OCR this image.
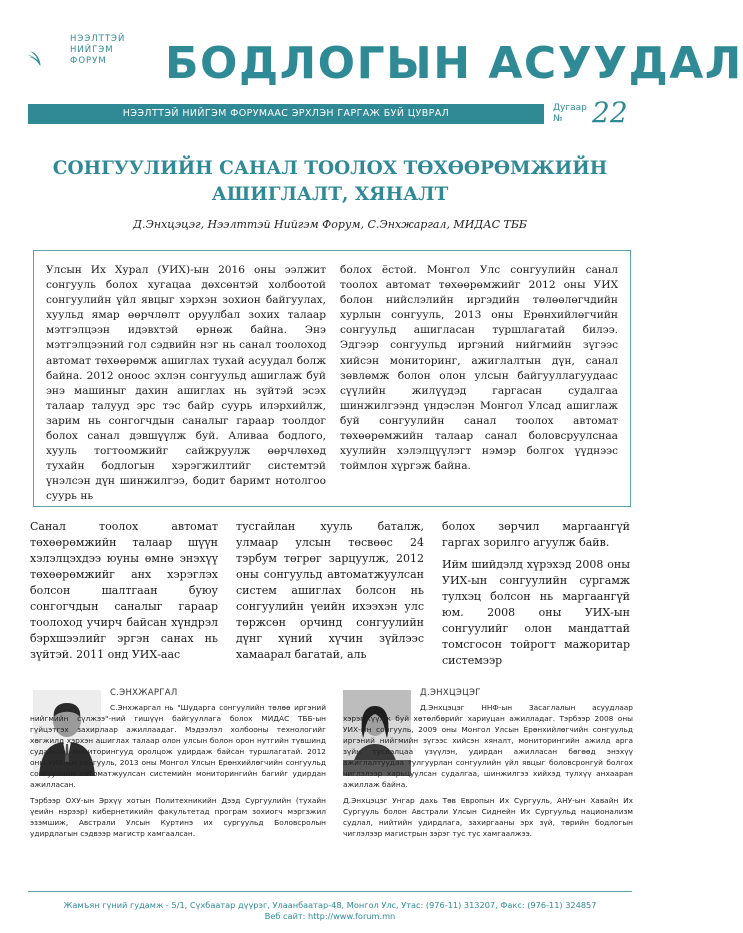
НЭЭЛТТЭЙ
НИЙГЭМ
ФОРУМ	БОДЛОГЫН АСУУДАЛ
НЭЭЛТТЭЙ НИЙГЭМ ФОРУМААС ЭРХЛЭН ГАРГАЖ БУЙ ЦУВРАЛ	Дугаар
№	22
СОНГУУЛИЙН САНАЛ ТООЛОХ ТӨХӨӨРӨМЖИЙН
АШИГЛАЛТ, ХЯНАЛТ
Д.Энхцэцэг, Нээлттэй Нийгэм Форум, С.Энхжаргал, МИДАС ТББ

Улсын Их Хурал (УИХ)-ын 2016 оны ээлжит сонгууль болох хугацаа дөхсөнтэй холбоотой сонгуулийн үйл явцыг хэрхэн зохион байгуулах, хуульд ямар өөрчлөлт оруулбал зохих талаар мэтгэлцээн идэвхтэй өрнөж байна. Энэ мэтгэлцээний гол сэдвийн нэг нь санал тоолоход автомат төхөөрөмж ашиглах тухай асуудал болж байна. 2012 оноос эхлэн сонгуульд ашиглаж буй энэ машиныг дахин ашиглах нь зүйтэй эсэх талаар талууд эрс тэс байр суурь илэрхийлж, зарим нь сонгогчдын саналыг гараар тоолдог болох санал дэвшүүлж буй. Аливаа бодлого, хууль тогтоомжийг сайжруулж өөрчлөхөд тухайн бодлогын хэрэгжилтийг системтэй үнэлсэн дүн шинжилгээ, бодит баримт нотолгоо суурь нь

болох ёстой. Монгол Улс сонгуулийн санал тоолох автомат төхөөрөмжийг 2012 оны УИХ болон нийслэлийн иргэдийн төлөөлөгчдийн хурлын сонгууль, 2013 оны Ерөнхийлөгчийн сонгуульд ашигласан туршлагатай билээ. Эдгээр сонгуульд иргэний нийгмийн зүгээс хийсэн мониторинг, ажиглалтын дүн, санал зөвлөмж болон олон улсын байгууллагуудаас сүүлийн жилүүдэд гаргасан судалгаа шинжилгээнд үндэслэн Монгол Улсад ашиглаж буй сонгуулийн санал тоолох автомат төхөөрөмжийн талаар санал боловсруулснаа хуулийн хэлэлцүүлэгт нэмэр болгох үүднээс тоймлон хүргэж байна.

Санал тоолох автомат төхөөрөмжийн талаар шүүн хэлэлцэхдээ юуны өмнө энэхүү төхөөрөмжийг анх хэрэглэх болсон шалтгаан буюу сонгогчдын саналыг гараар тоолоход учирч байсан хүндрэл бэрхшээлийг эргэн санах нь зүйтэй. 2011 онд УИХ-аас

тусгайлан хууль баталж, улмаар улсын төсвөөс 24 тэрбум төгрөг зарцуулж, 2012 оны сонгуульд автоматжуулсан систем ашиглах болсон нь сонгуулийн үеийн ихээхэн улс төржсөн орчинд сонгуулийн дүнг хүний хүчин зүйлээс хамаарал багатай, аль

болох зөрчил маргаангүй гаргах зорилго агуулж байв.

Ийм шийдэлд хүрэхэд 2008 оны УИХ-ын сонгуулийн сургамж тулхэц болсон нь маргаангүй юм. 2008 оны УИХ-ын сонгуулийг олон мандаттай томсгосон тойрогт мажоритар системээр

С.ЭНХЖАРГАЛ

С.Энхжаргал нь "Шударга сонгуулийн төлөө иргэний нийгмийн сүлжээ"-ний гишүүн байгууллага болох МИДАС ТББ-ын гүйцэтгэх захирлаар ажиллаадаг. Мэдээлэл холбооны технологийг хөгжилд хэрхэн ашиглах талаар олон улсын болон орон нутгийн түвшинд судалгаа, мониторингууд оролцож удирдаж байсан туршлагатай. 2012 оны УИХ-ын сонгууль, 2013 оны Монгол Улсын Ерөнхийлөгчийн сонгуульд сонгуулийн автоматжуулсан системийн мониторингийн багийг удирдан ажиллаcан.

Тэрбээр ОХУ-ын Эрхүү хотын Политехникийн Дээд Сургуулийн (тухайн үеийн нэрээр) кибернетикийн факультетад програм зохиогч мэргэжил эзэмшиж, Австрали Улсын Куртинэ их сургуульд Боловсролын удирдлагын сэдвээр магистр хамгаалсан.

Д.ЭНХЦЭЦЭГ

Д.Энхцэцэг ННФ-ын Засаглалын асуудлаар хэрэгжүүлж буй хөтөлбөрийг хариуцан ажилладаг. Тэрбээр 2008 оны УИХ-ын сонгууль, 2009 оны Монгол Улсын Ерөнхийлөгчийн сонгуульд иргэний нийгмийн зүгээс хийсэн хяналт, мониторингийн ажилд арга зүйн туслалцаа үзүүлэн, удирдан ажилласан бөгөөд энэхүү ажиглалтуудаа тулгуурлан сонгуулийн үйл явцыг боловсронгуй болгох чиглэлээр харьцуулсан судалгаа, шинжилгээ хийхэд тулхүү анхааран ажиллаж байна.

Д.Энхцэцэг Унгар дахь Төв Европын Их Сургууль, АНУ-ын Хавайн Их Сургууль болон Австрали Улсын Сиднейн Их Сургуульд национализм судлал, нийтийн удирдлага, захиргааны эрх зүй, төрийн бодлогын чиглэлээр магистрын зэрэг тус тус хамгаалжээ.

Жамъян гүний гудамж - 5/1, Сүхбаатар дүүрэг, Улаанбаатар-48, Монгол Улс, Утас: (976-11) 313207, Факс: (976-11) 324857
Веб сайт: http://www.forum.mn
